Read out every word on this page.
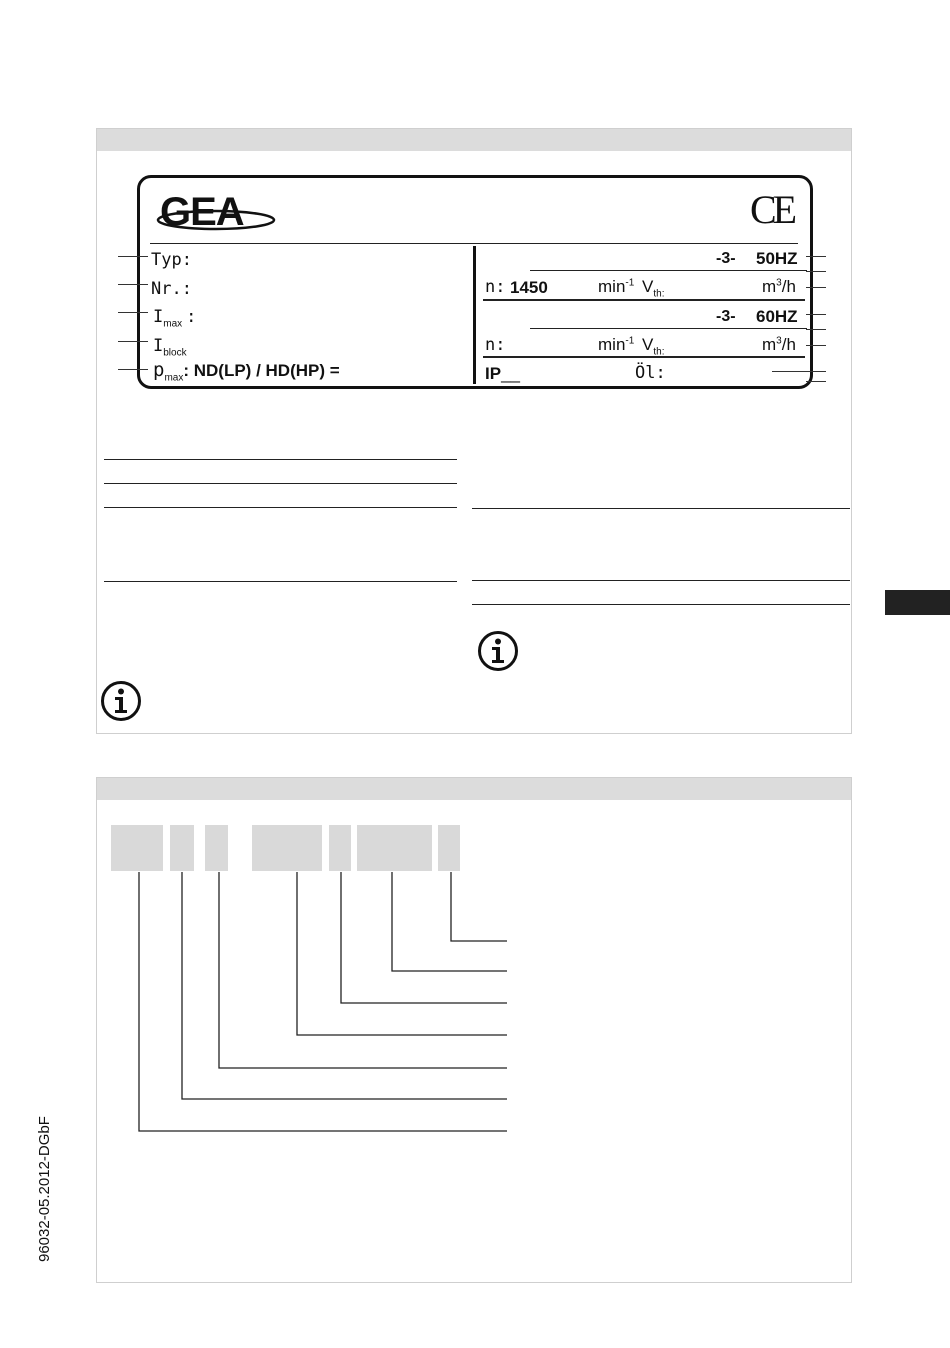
GEA	CE
Typ:
Nr.:
$I_{max}$ :
$I_{block}$
$p_{max}$: ND(LP) / HD(HP) =
-3- 50HZ
n: 1450	$\min^{-1} V_{th:}$	$m^3/h$
-3- 60HZ
n:	$\min^{-1} V_{th:}$	$m^3/h$
IP__	Öl:
96032-05.2012-DGbF
